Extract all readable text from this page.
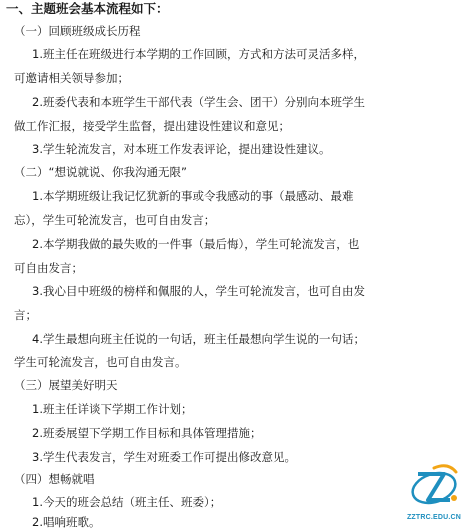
一、主题班会基本流程如下：
（一）回顾班级成长历程
1.班主任在班级进行本学期的工作回顾，方式和方法可灵活多样，
可邀请相关领导参加；
2.班委代表和本班学生干部代表（学生会、团干）分别向本班学生
做工作汇报，接受学生监督，提出建设性建议和意见；
3.学生轮流发言，对本班工作发表评论，提出建设性建议。
（二）“想说就说、你我沟通无限”
1.本学期班级让我记忆犹新的事或令我感动的事（最感动、最难
忘），学生可轮流发言，也可自由发言；
2.本学期我做的最失败的一件事（最后悔），学生可轮流发言，也
可自由发言；
3.我心目中班级的榜样和佩服的人，学生可轮流发言，也可自由发
言；
4.学生最想向班主任说的一句话，班主任最想向学生说的一句话；
学生可轮流发言，也可自由发言。
（三）展望美好明天
1.班主任详谈下学期工作计划；
2.班委展望下学期工作目标和具体管理措施；
3.学生代表发言，学生对班委工作可提出修改意见。
（四）想畅就唱
1.今天的班会总结（班主任、班委）；
2.唱响班歌。	ZZTRC.EDU.CN
